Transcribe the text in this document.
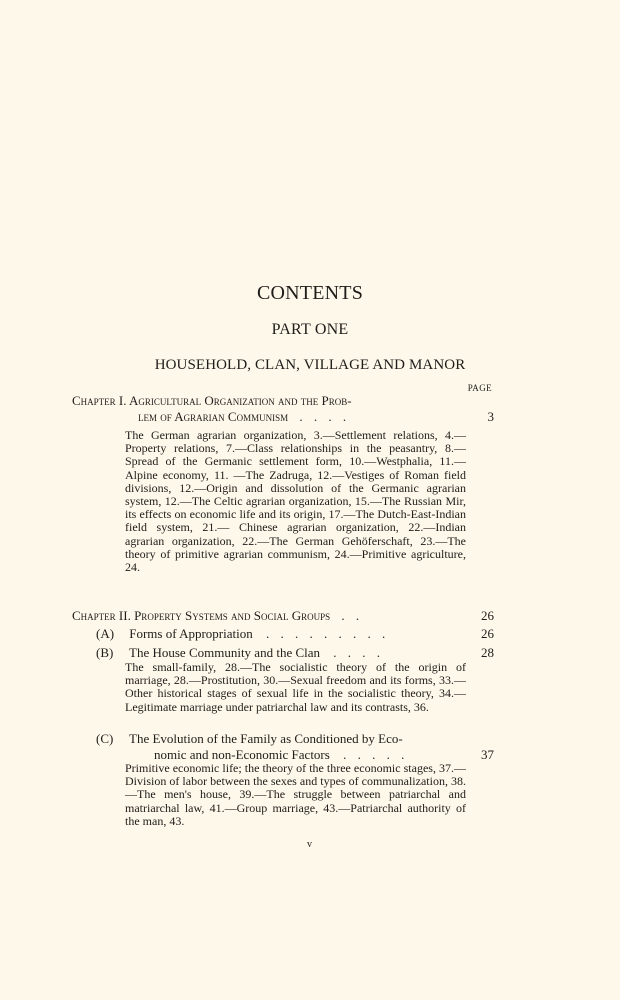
CONTENTS
PART ONE
HOUSEHOLD, CLAN, VILLAGE AND MANOR
PAGE
Chapter I. Agricultural Organization and the Prob-
lem of Agrarian Communism . . . .	3
The German agrarian organization, 3.—Settlement relations, 4.—Property relations, 7.—Class relationships in the peasantry, 8.—Spread of the Germanic settlement form, 10.—Westphalia, 11.—Alpine economy, 11. —The Zadruga, 12.—Vestiges of Roman field divisions, 12.—Origin and dissolution of the Germanic agrarian system, 12.—The Celtic agrarian organization, 15.—The Russian Mir, its effects on economic life and its origin, 17.—The Dutch-East-Indian field system, 21.— Chinese agrarian organization, 22.—Indian agrarian organization, 22.—The German Gehöferschaft, 23.—The theory of primitive agrarian communism, 24.—Primitive agriculture, 24.
Chapter II. Property Systems and Social Groups . .	26
(A) Forms of Appropriation . . . . . . . . .	26
(B) The House Community and the Clan . . . .	28
The small-family, 28.—The socialistic theory of the origin of marriage, 28.—Prostitution, 30.—Sexual freedom and its forms, 33.—Other historical stages of sexual life in the socialistic theory, 34.—Legitimate marriage under patriarchal law and its contrasts, 36.
(C) The Evolution of the Family as Conditioned by Eco-
nomic and non-Economic Factors . . . . .	37
Primitive economic life; the theory of the three economic stages, 37.—Division of labor between the sexes and types of communalization, 38.—The men's house, 39.—The struggle between patriarchal and matriarchal law, 41.—Group marriage, 43.—Patriarchal authority of the man, 43.
v
